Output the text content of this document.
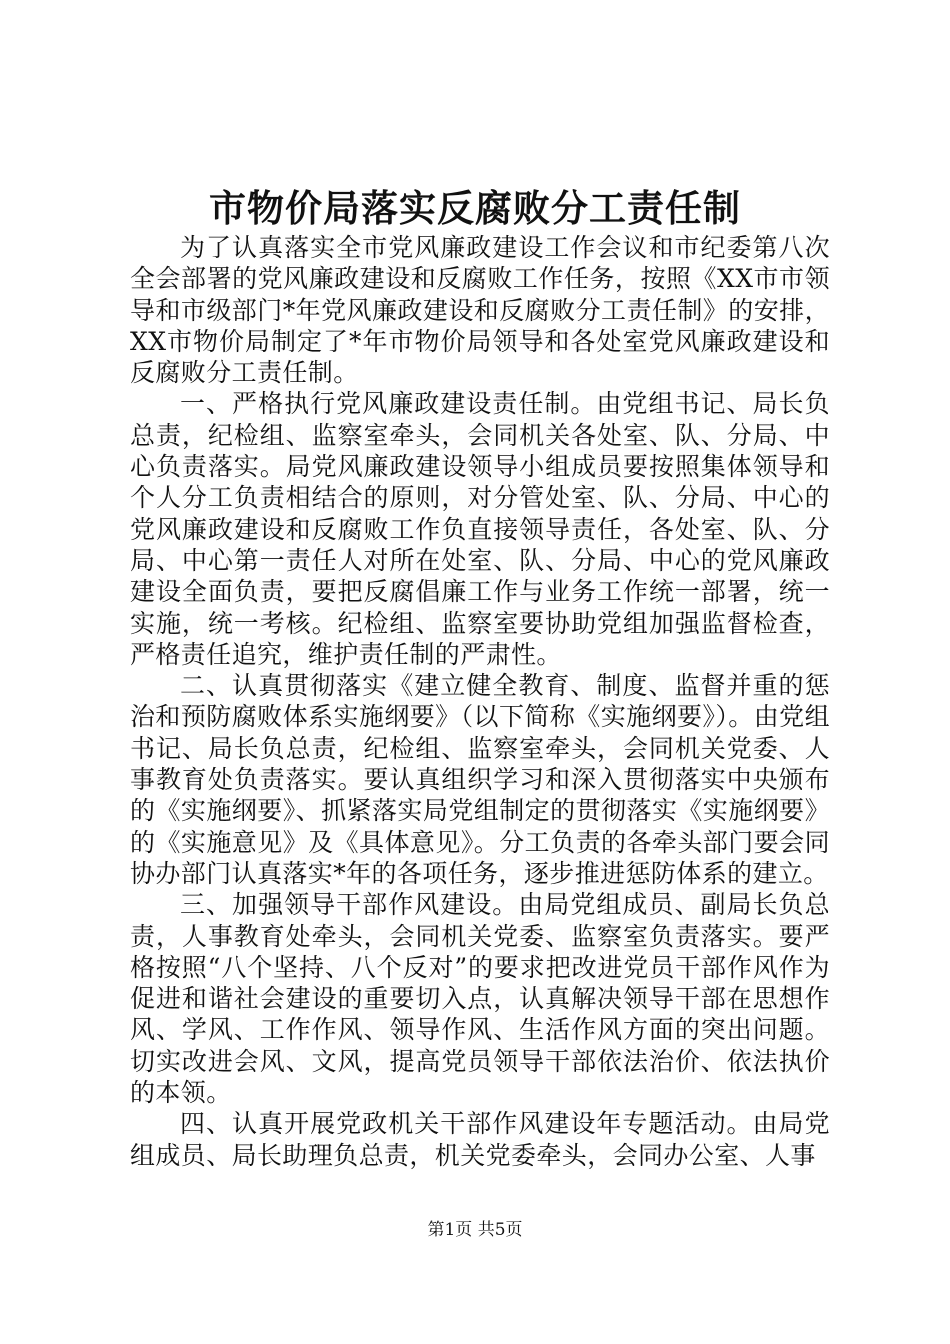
市物价局落实反腐败分工责任制

为了认真落实全市党风廉政建设工作会议和市纪委第八次全会部署的党风廉政建设和反腐败工作任务，按照《XX市市领导和市级部门*年党风廉政建设和反腐败分工责任制》的安排，XX市物价局制定了*年市物价局领导和各处室党风廉政建设和反腐败分工责任制。

一、严格执行党风廉政建设责任制。由党组书记、局长负总责，纪检组、监察室牵头，会同机关各处室、队、分局、中心负责落实。局党风廉政建设领导小组成员要按照集体领导和个人分工负责相结合的原则，对分管处室、队、分局、中心的党风廉政建设和反腐败工作负直接领导责任，各处室、队、分局、中心第一责任人对所在处室、队、分局、中心的党风廉政建设全面负责，要把反腐倡廉工作与业务工作统一部署，统一实施，统一考核。纪检组、监察室要协助党组加强监督检查，严格责任追究，维护责任制的严肃性。

二、认真贯彻落实《建立健全教育、制度、监督并重的惩治和预防腐败体系实施纲要》（以下简称《实施纲要》）。由党组书记、局长负总责，纪检组、监察室牵头，会同机关党委、人事教育处负责落实。要认真组织学习和深入贯彻落实中央颁布的《实施纲要》、抓紧落实局党组制定的贯彻落实《实施纲要》的《实施意见》及《具体意见》。分工负责的各牵头部门要会同协办部门认真落实*年的各项任务，逐步推进惩防体系的建立。

三、加强领导干部作风建设。由局党组成员、副局长负总责，人事教育处牵头，会同机关党委、监察室负责落实。要严格按照“八个坚持、八个反对”的要求把改进党员干部作风作为促进和谐社会建设的重要切入点，认真解决领导干部在思想作风、学风、工作作风、领导作风、生活作风方面的突出问题。切实改进会风、文风，提高党员领导干部依法治价、依法执价的本领。

四、认真开展党政机关干部作风建设年专题活动。由局党组成员、局长助理负总责，机关党委牵头，会同办公室、人事

第1页 共5页
